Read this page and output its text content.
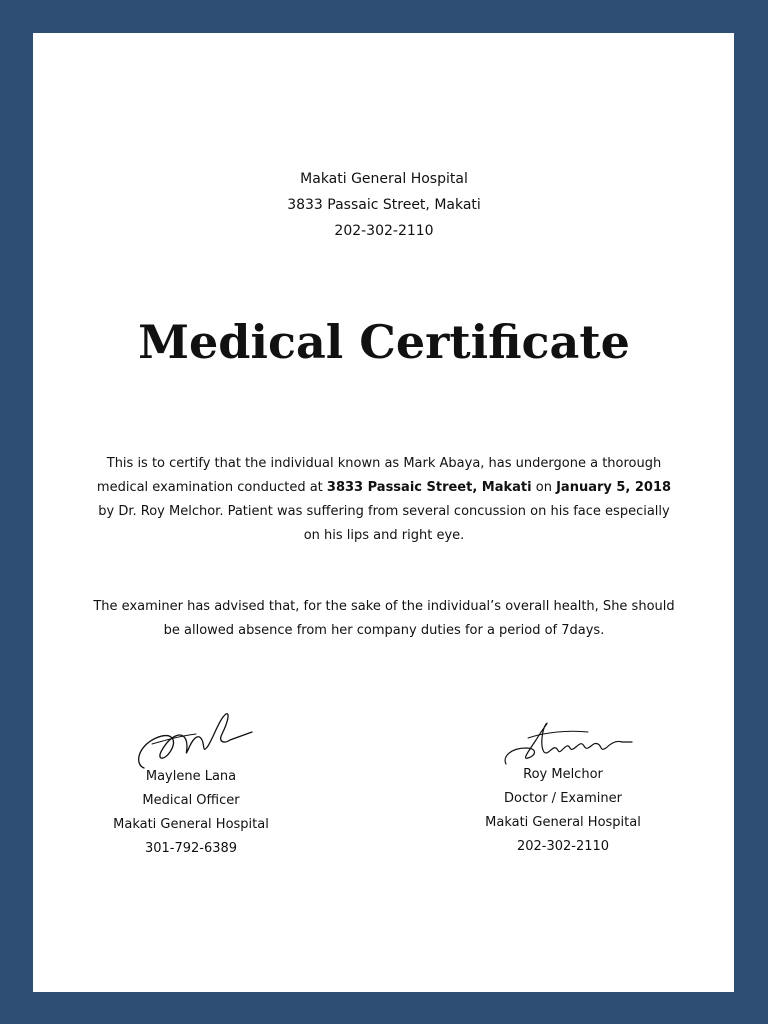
Makati General Hospital
3833 Passaic Street, Makati
202-302-2110
Medical Certificate
This is to certify that the individual known as Mark Abaya, has undergone a thorough medical examination conducted at 3833 Passaic Street, Makati on January 5, 2018 by Dr. Roy Melchor. Patient was suffering from several concussion on his face especially on his lips and right eye.
The examiner has advised that, for the sake of the individual’s overall health, She should be allowed absence from her company duties for a period of 7days.
Maylene Lana
Medical Officer
Makati General Hospital
301-792-6389
Roy Melchor
Doctor / Examiner
Makati General Hospital
202-302-2110
